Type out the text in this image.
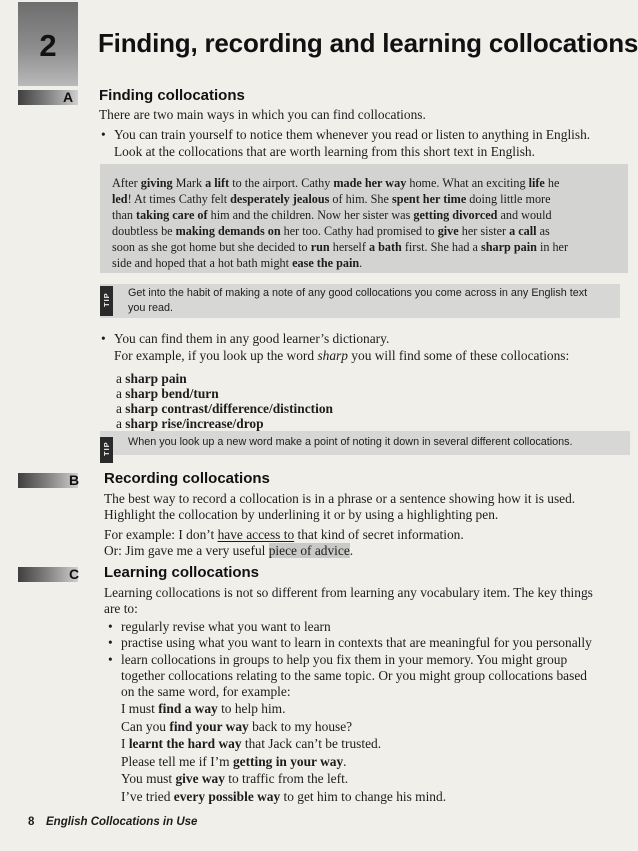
2	Finding, recording and learning collocations
A	Finding collocations
There are two main ways in which you can find collocations.
• You can train yourself to notice them whenever you read or listen to anything in English.
Look at the collocations that are worth learning from this short text in English.
After giving Mark a lift to the airport. Cathy made her way home. What an exciting life he
led! At times Cathy felt desperately jealous of him. She spent her time doing little more
than taking care of him and the children. Now her sister was getting divorced and would
doubtless be making demands on her too. Cathy had promised to give her sister a call as
soon as she got home but she decided to run herself a bath first. She had a sharp pain in her
side and hoped that a hot bath might ease the pain.
TIP Get into the habit of making a note of any good collocations you come across in any English text
you read.
• You can find them in any good learner’s dictionary.
For example, if you look up the word sharp you will find some of these collocations:
a sharp pain
a sharp bend/turn
a sharp contrast/difference/distinction
a sharp rise/increase/drop
TIP When you look up a new word make a point of noting it down in several different collocations.
B	Recording collocations
The best way to record a collocation is in a phrase or a sentence showing how it is used.
Highlight the collocation by underlining it or by using a highlighting pen.
For example: I don’t have access to that kind of secret information.
Or: Jim gave me a very useful piece of advice.
C	Learning collocations
Learning collocations is not so different from learning any vocabulary item. The key things
are to:
• regularly revise what you want to learn
• practise using what you want to learn in contexts that are meaningful for you personally
• learn collocations in groups to help you fix them in your memory. You might group
together collocations relating to the same topic. Or you might group collocations based
on the same word, for example:
I must find a way to help him.
Can you find your way back to my house?
I learnt the hard way that Jack can’t be trusted.
Please tell me if I’m getting in your way.
You must give way to traffic from the left.
I’ve tried every possible way to get him to change his mind.
8 English Collocations in Use
